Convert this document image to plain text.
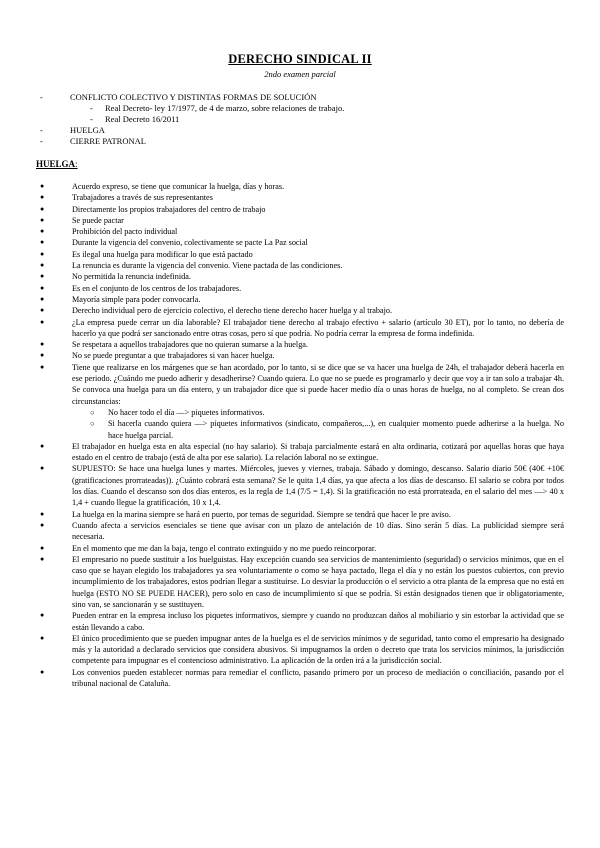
DERECHO SINDICAL II
2ndo examen parcial
-	CONFLICTO COLECTIVO Y DISTINTAS FORMAS DE SOLUCIÓN
- Real Decreto- ley 17/1977, de 4 de marzo, sobre relaciones de trabajo.
- Real Decreto 16/2011
-	HUELGA
-	CIERRE PATRONAL
HUELGA:
●	Acuerdo expreso, se tiene que comunicar la huelga, días y horas.
●	Trabajadores a través de sus representantes
●	Directamente los propios trabajadores del centro de trabajo
●	Se puede pactar
●	Prohibición del pacto individual
●	Durante la vigencia del convenio, colectivamente se pacte La Paz social
●	Es ilegal una huelga para modificar lo que está pactado
●	La renuncia es durante la vigencia del convenio. Viene pactada de las condiciones.
●	No permitida la renuncia indefinida.
●	Es en el conjunto de los centros de los trabajadores.
●	Mayoría simple para poder convocarla.
●	Derecho individual pero de ejercicio colectivo, el derecho tiene derecho hacer huelga y al trabajo.
●	¿La empresa puede cerrar un día laborable? El trabajador tiene derecho al trabajo efectivo + salario (artículo 30 ET), por lo tanto, no debería de hacerlo ya que podrá ser sancionado entre otras cosas, pero sí que podría. No podría cerrar la empresa de forma indefinida.
●	Se respetara a aquellos trabajadores que no quieran sumarse a la huelga.
●	No se puede preguntar a que trabajadores si van hacer huelga.
●	Tiene que realizarse en los márgenes que se han acordado, por lo tanto, si se dice que se va hacer una huelga de 24h, el trabajador deberá hacerla en ese periodo. ¿Cuándo me puedo adherir y desadherirse? Cuando quiera. Lo que no se puede es programarlo y decir que voy a ir tan solo a trabajar 4h. Se convoca una huelga para un día entero, y un trabajador dice que si puede hacer medio día o unas horas de huelga, no al completo. Se crean dos circunstancias:
○ No hacer todo el día —> piquetes informativos.
○ Si hacerla cuando quiera —> piquetes informativos (sindicato, compañeros,...), en cualquier momento puede adherirse a la huelga. No hace huelga parcial.
●	El trabajador en huelga esta en alta especial (no hay salario). Si trabaja parcialmente estará en alta ordinaria, cotizará por aquellas horas que haya estado en el centro de trabajo (está de alta por ese salario). La relación laboral no se extingue.
●	SUPUESTO: Se hace una huelga lunes y martes. Miércoles, jueves y viernes, trabaja. Sábado y domingo, descanso. Salario diario 50€ (40€ +10€ (gratificaciones prorrateadas)). ¿Cuánto cobrará esta semana? Se le quita 1,4 días, ya que afecta a los días de descanso. El salario se cobra por todos los días. Cuando el descanso son dos días enteros, es la regla de 1,4 (7/5 = 1,4). Si la gratificación no está prorrateada, en el salario del mes —> 40 x 1,4 + cuando llegue la gratificación, 10 x 1,4.
●	La huelga en la marina siempre se hará en puerto, por temas de seguridad. Siempre se tendrá que hacer le pre aviso.
●	Cuando afecta a servicios esenciales se tiene que avisar con un plazo de antelación de 10 días. Sino serán 5 días. La publicidad siempre será necesaria.
●	En el momento que me dan la baja, tengo el contrato extinguido y no me puedo reincorporar.
●	El empresario no puede sustituir a los huelguistas. Hay excepción cuando sea servicios de mantenimiento (seguridad) o servicios mínimos, que en el caso que se hayan elegido los trabajadores ya sea voluntariamente o como se haya pactado, llega el día y no están los puestos cubiertos, con previo incumplimiento de los trabajadores, estos podrían llegar a sustituirse. Lo desviar la producción o el servicio a otra planta de la empresa que no está en huelga (ESTO NO SE PUEDE HACER), pero solo en caso de incumplimiento sí que se podría. Si están designados tienen que ir obligatoriamente, sino van, se sancionarán y se sustituyen.
●	Pueden entrar en la empresa incluso los piquetes informativos, siempre y cuando no produzcan daños al mobiliario y sin estorbar la actividad que se están llevando a cabo.
●	El único procedimiento que se pueden impugnar antes de la huelga es el de servicios mínimos y de seguridad, tanto como el empresario ha designado más y la autoridad a declarado servicios que considera abusivos. Si impugnamos la orden o decreto que trata los servicios mínimos, la jurisdicción competente para impugnar es el contencioso administrativo. La aplicación de la orden irá a la jurisdicción social.
●	Los convenios pueden establecer normas para remediar el conflicto, pasando primero por un proceso de mediación o conciliación, pasando por el tribunal nacional de Cataluña.
